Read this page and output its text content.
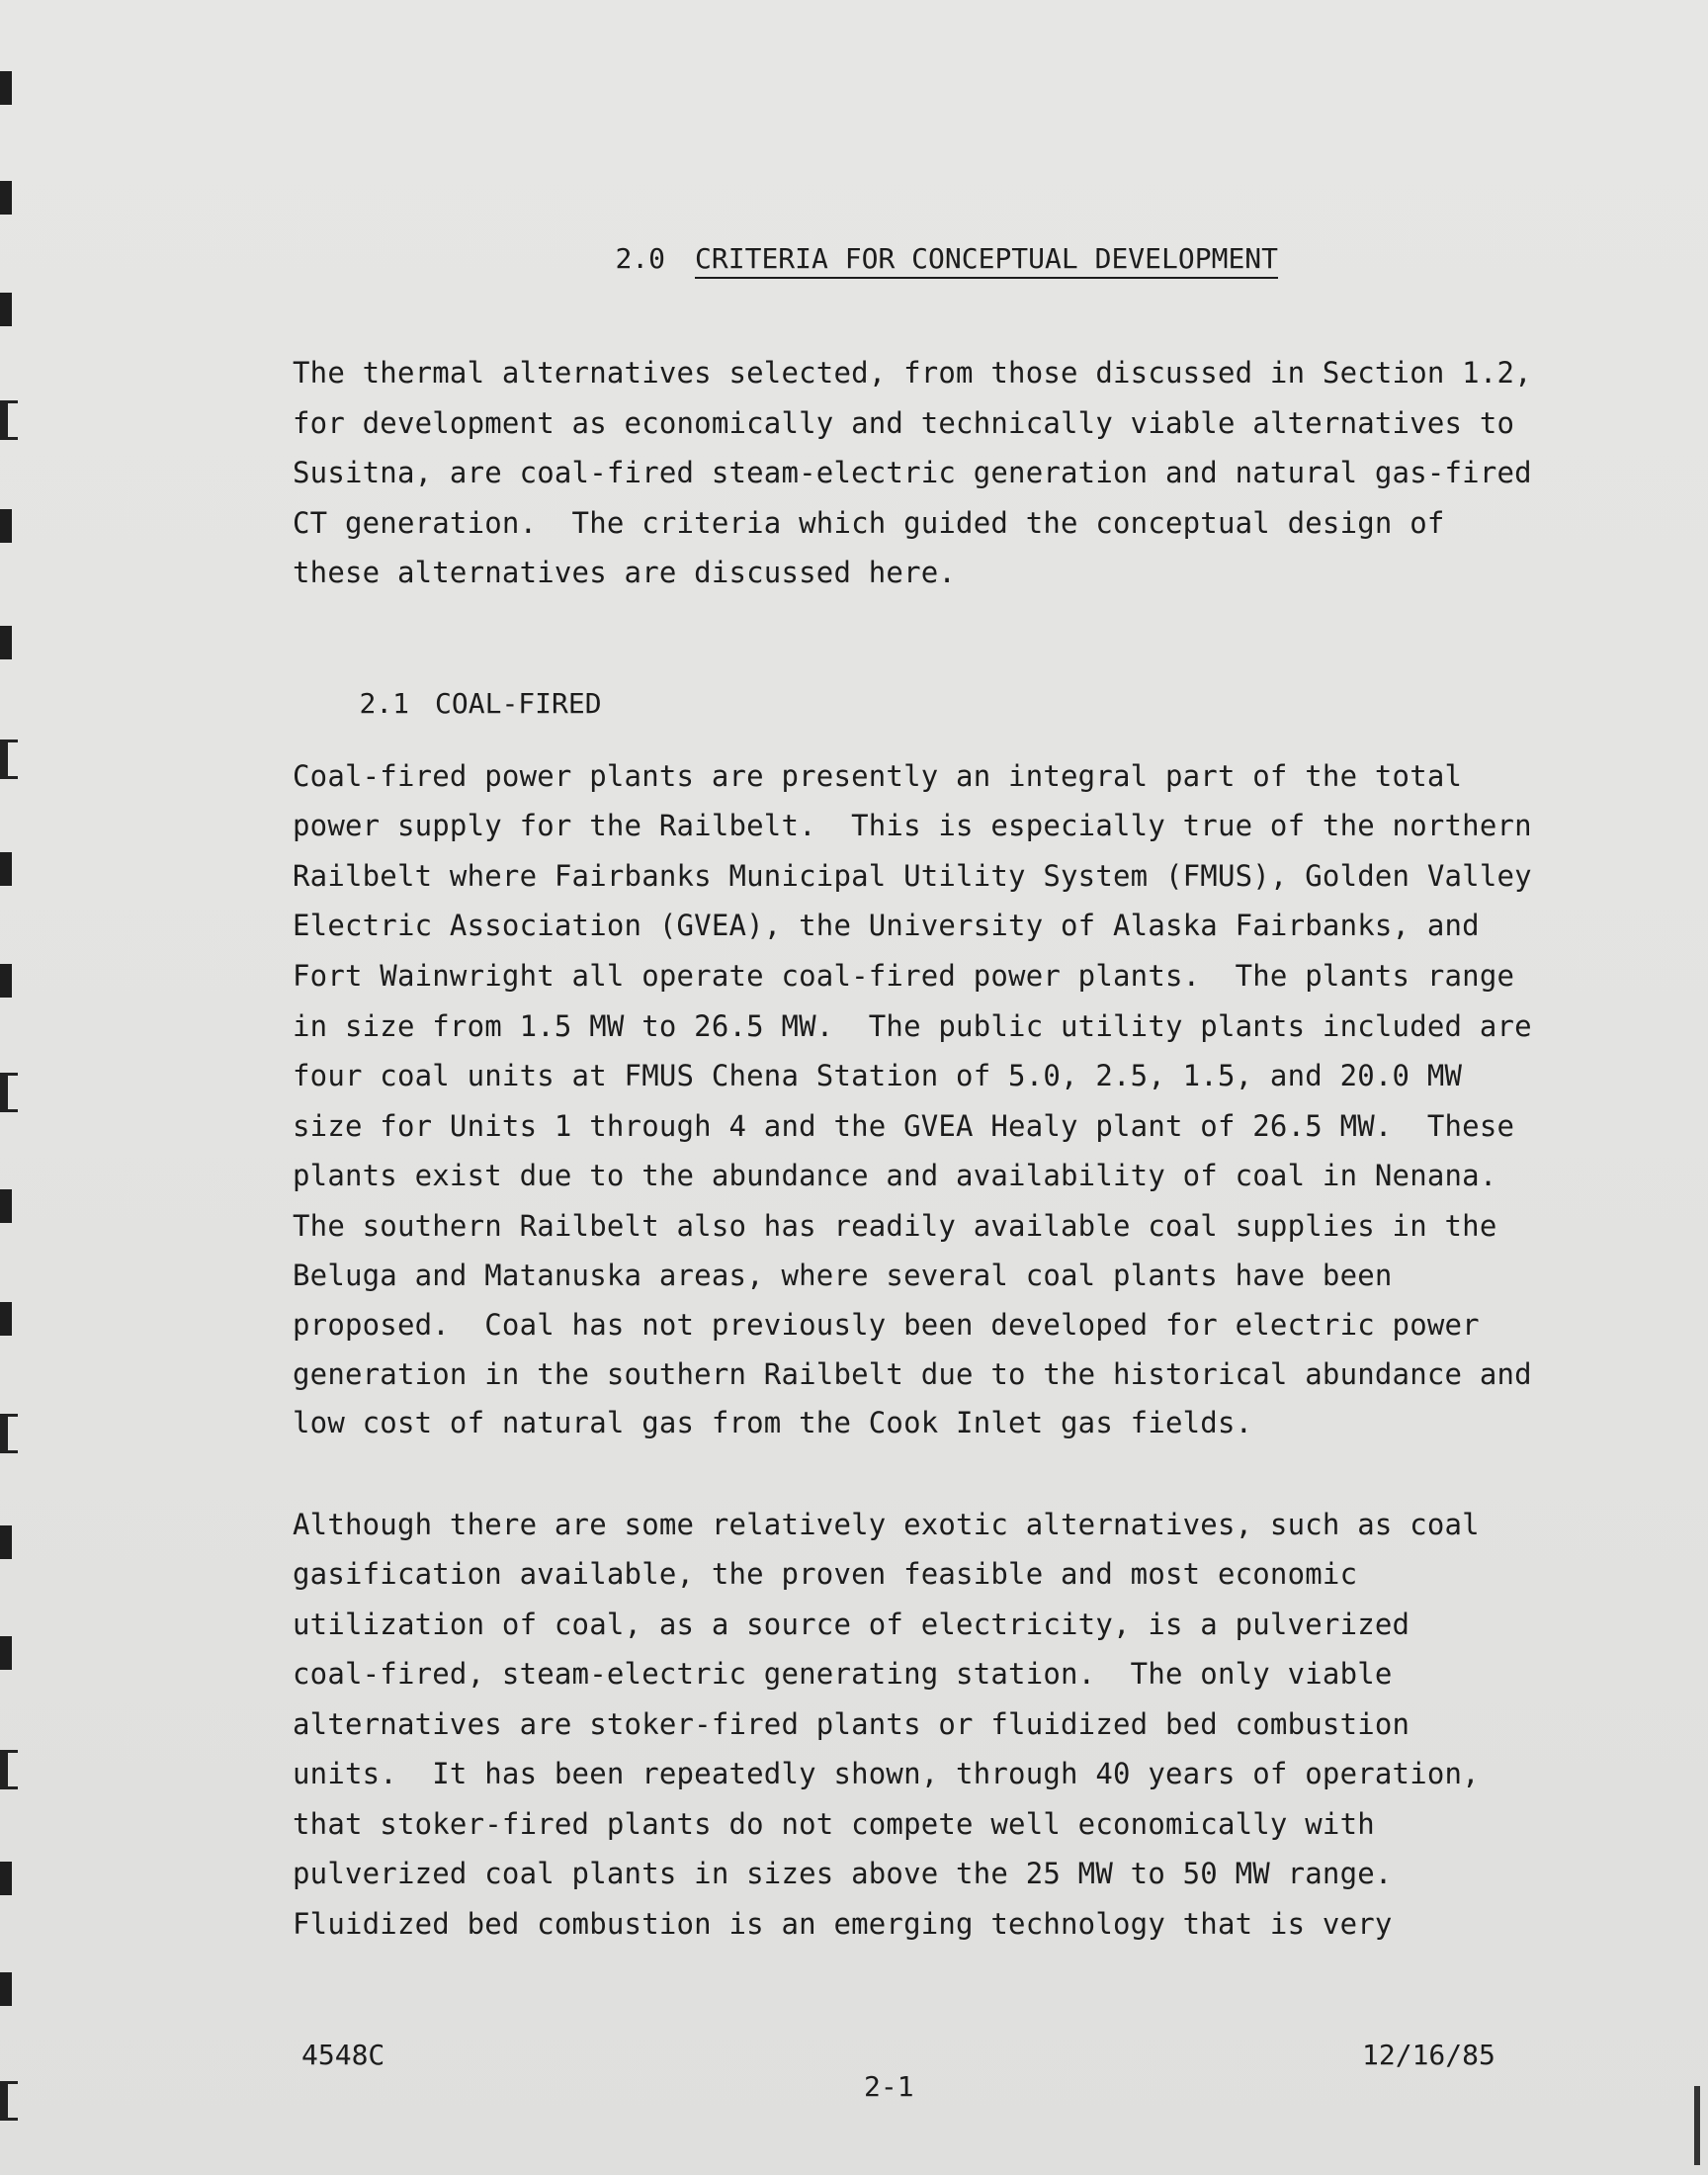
2.0 CRITERIA FOR CONCEPTUAL DEVELOPMENT

The thermal alternatives selected, from those discussed in Section 1.2,
for development as economically and technically viable alternatives to
Susitna, are coal-fired steam-electric generation and natural gas-fired
CT generation.  The criteria which guided the conceptual design of
these alternatives are discussed here.

2.1 COAL-FIRED

Coal-fired power plants are presently an integral part of the total
power supply for the Railbelt.  This is especially true of the northern
Railbelt where Fairbanks Municipal Utility System (FMUS), Golden Valley
Electric Association (GVEA), the University of Alaska Fairbanks, and
Fort Wainwright all operate coal-fired power plants.  The plants range
in size from 1.5 MW to 26.5 MW.  The public utility plants included are
four coal units at FMUS Chena Station of 5.0, 2.5, 1.5, and 20.0 MW
size for Units 1 through 4 and the GVEA Healy plant of 26.5 MW.  These
plants exist due to the abundance and availability of coal in Nenana.
The southern Railbelt also has readily available coal supplies in the
Beluga and Matanuska areas, where several coal plants have been
proposed.  Coal has not previously been developed for electric power
generation in the southern Railbelt due to the historical abundance and
low cost of natural gas from the Cook Inlet gas fields.
Although there are some relatively exotic alternatives, such as coal
gasification available, the proven feasible and most economic
utilization of coal, as a source of electricity, is a pulverized
coal-fired, steam-electric generating station.  The only viable
alternatives are stoker-fired plants or fluidized bed combustion
units.  It has been repeatedly shown, through 40 years of operation,
that stoker-fired plants do not compete well economically with
pulverized coal plants in sizes above the 25 MW to 50 MW range.
Fluidized bed combustion is an emerging technology that is very
4548C	12/16/85
2-1
